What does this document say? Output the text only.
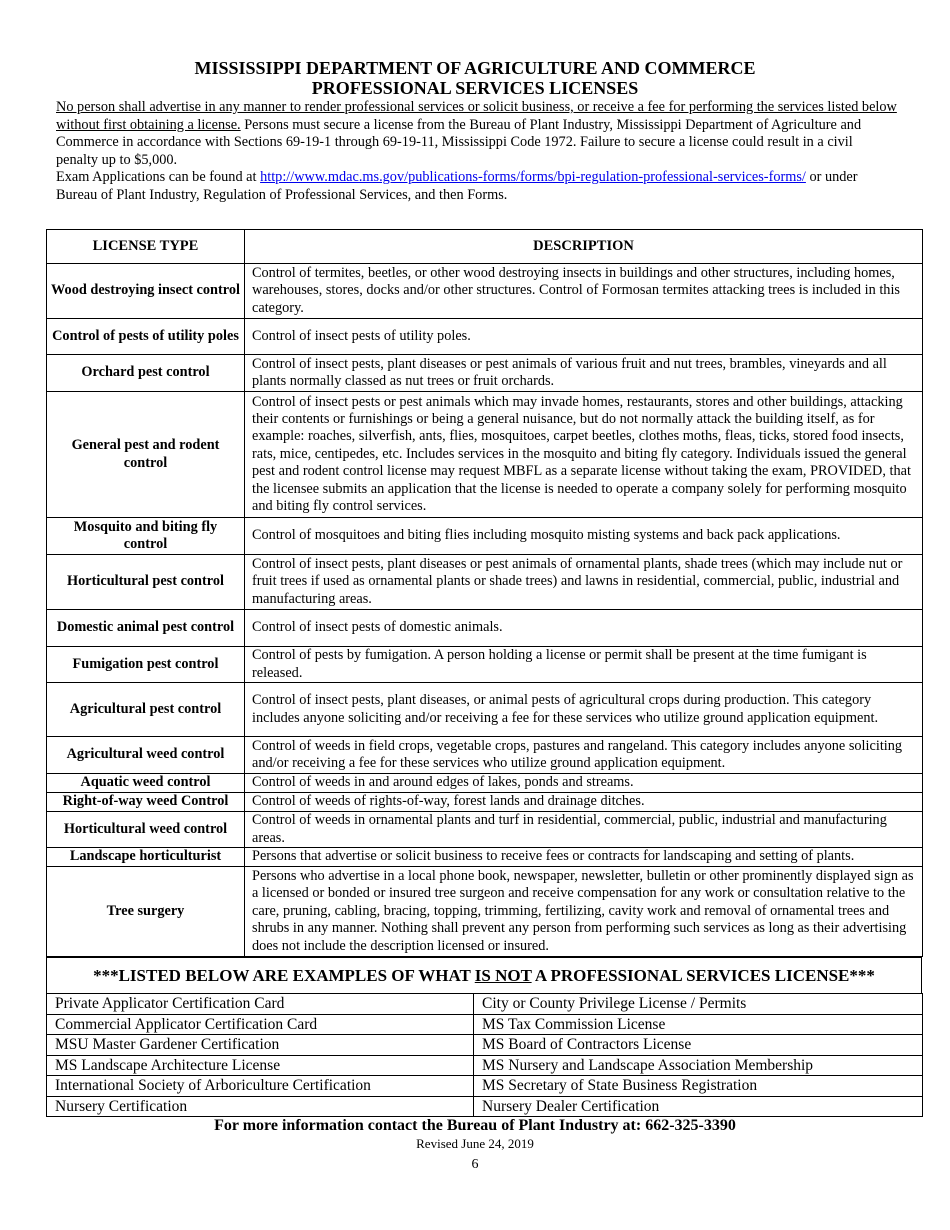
MISSISSIPPI DEPARTMENT OF AGRICULTURE AND COMMERCE
PROFESSIONAL SERVICES LICENSES
No person shall advertise in any manner to render professional services or solicit business, or receive a fee for performing the services listed below without first obtaining a license. Persons must secure a license from the Bureau of Plant Industry, Mississippi Department of Agriculture and Commerce in accordance with Sections 69-19-1 through 69-19-11, Mississippi Code 1972. Failure to secure a license could result in a civil penalty up to $5,000.
Exam Applications can be found at http://www.mdac.ms.gov/publications-forms/forms/bpi-regulation-professional-services-forms/ or under Bureau of Plant Industry, Regulation of Professional Services, and then Forms.
LICENSE TYPE	DESCRIPTION
Wood destroying insect control	Control of termites, beetles, or other wood destroying insects in buildings and other structures, including homes, warehouses, stores, docks and/or other structures. Control of Formosan termites attacking trees is included in this category.
Control of pests of utility poles	Control of insect pests of utility poles.
Orchard pest control	Control of insect pests, plant diseases or pest animals of various fruit and nut trees, brambles, vineyards and all plants normally classed as nut trees or fruit orchards.
General pest and rodent control	Control of insect pests or pest animals which may invade homes, restaurants, stores and other buildings, attacking their contents or furnishings or being a general nuisance, but do not normally attack the building itself, as for example: roaches, silverfish, ants, flies, mosquitoes, carpet beetles, clothes moths, fleas, ticks, stored food insects, rats, mice, centipedes, etc. Includes services in the mosquito and biting fly category. Individuals issued the general pest and rodent control license may request MBFL as a separate license without taking the exam, PROVIDED, that the licensee submits an application that the license is needed to operate a company solely for performing mosquito and biting fly control services.
Mosquito and biting fly control	Control of mosquitoes and biting flies including mosquito misting systems and back pack applications.
Horticultural pest control	Control of insect pests, plant diseases or pest animals of ornamental plants, shade trees (which may include nut or fruit trees if used as ornamental plants or shade trees) and lawns in residential, commercial, public, industrial and manufacturing areas.
Domestic animal pest control	Control of insect pests of domestic animals.
Fumigation pest control	Control of pests by fumigation. A person holding a license or permit shall be present at the time fumigant is released.
Agricultural pest control	Control of insect pests, plant diseases, or animal pests of agricultural crops during production. This category includes anyone soliciting and/or receiving a fee for these services who utilize ground application equipment.
Agricultural weed control	Control of weeds in field crops, vegetable crops, pastures and rangeland. This category includes anyone soliciting and/or receiving a fee for these services who utilize ground application equipment.
Aquatic weed control	Control of weeds in and around edges of lakes, ponds and streams.
Right-of-way weed Control	Control of weeds of rights-of-way, forest lands and drainage ditches.
Horticultural weed control	Control of weeds in ornamental plants and turf in residential, commercial, public, industrial and manufacturing areas.
Landscape horticulturist	Persons that advertise or solicit business to receive fees or contracts for landscaping and setting of plants.
Tree surgery	Persons who advertise in a local phone book, newspaper, newsletter, bulletin or other prominently displayed sign as a licensed or bonded or insured tree surgeon and receive compensation for any work or consultation relative to the care, pruning, cabling, bracing, topping, trimming, fertilizing, cavity work and removal of ornamental trees and shrubs in any manner. Nothing shall prevent any person from performing such services as long as their advertising does not include the description licensed or insured.
***LISTED BELOW ARE EXAMPLES OF WHAT IS NOT A PROFESSIONAL SERVICES LICENSE***
Private Applicator Certification Card	City or County Privilege License / Permits
Commercial Applicator Certification Card	MS Tax Commission License
MSU Master Gardener Certification	MS Board of Contractors License
MS Landscape Architecture License	MS Nursery and Landscape Association Membership
International Society of Arboriculture Certification	MS Secretary of State Business Registration
Nursery Certification	Nursery Dealer Certification
For more information contact the Bureau of Plant Industry at: 662-325-3390
Revised June 24, 2019
6
